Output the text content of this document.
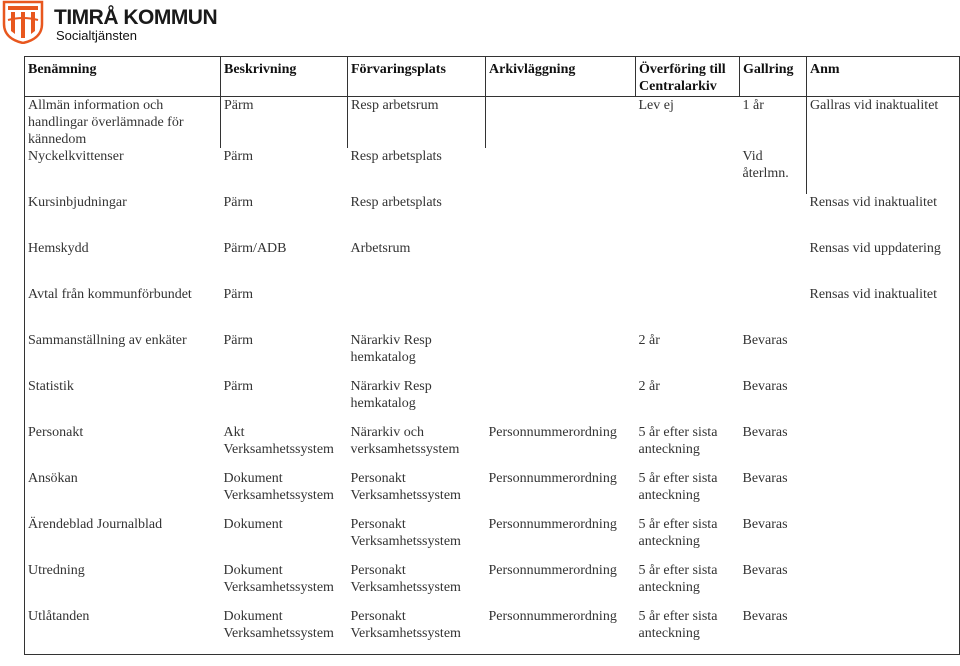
TIMRÅ KOMMUN
Socialtjänsten
Benämning	Beskrivning	Förvaringsplats	Arkivläggning	Överföring till Centralarkiv	Gallring	Anm
Allmän information och handlingar överlämnade för kännedom	Pärm	Resp arbetsrum		Lev ej	1 år	Gallras vid inaktualitet
Nyckelkvittenser	Pärm	Resp arbetsplats			Vid återlmn.	
Kursinbjudningar	Pärm	Resp arbetsplats				Rensas vid inaktualitet
Hemskydd	Pärm/ADB	Arbetsrum				Rensas vid uppdatering
Avtal från kommunförbundet	Pärm					Rensas vid inaktualitet
Sammanställning av enkäter	Pärm	Närarkiv Resp hemkatalog		2 år	Bevaras	
Statistik	Pärm	Närarkiv Resp hemkatalog		2 år	Bevaras	
Personakt	Akt Verksamhetssystem	Närarkiv och verksamhetssystem	Personnummerordning	5 år efter sista anteckning	Bevaras	
Ansökan	Dokument Verksamhetssystem	Personakt Verksamhetssystem	Personnummerordning	5 år efter sista anteckning	Bevaras	
Ärendeblad Journalblad	Dokument	Personakt Verksamhetssystem	Personnummerordning	5 år efter sista anteckning	Bevaras	
Utredning	Dokument Verksamhetssystem	Personakt Verksamhetssystem	Personnummerordning	5 år efter sista anteckning	Bevaras	
Utlåtanden	Dokument Verksamhetssystem	Personakt Verksamhetssystem	Personnummerordning	5 år efter sista anteckning	Bevaras	
